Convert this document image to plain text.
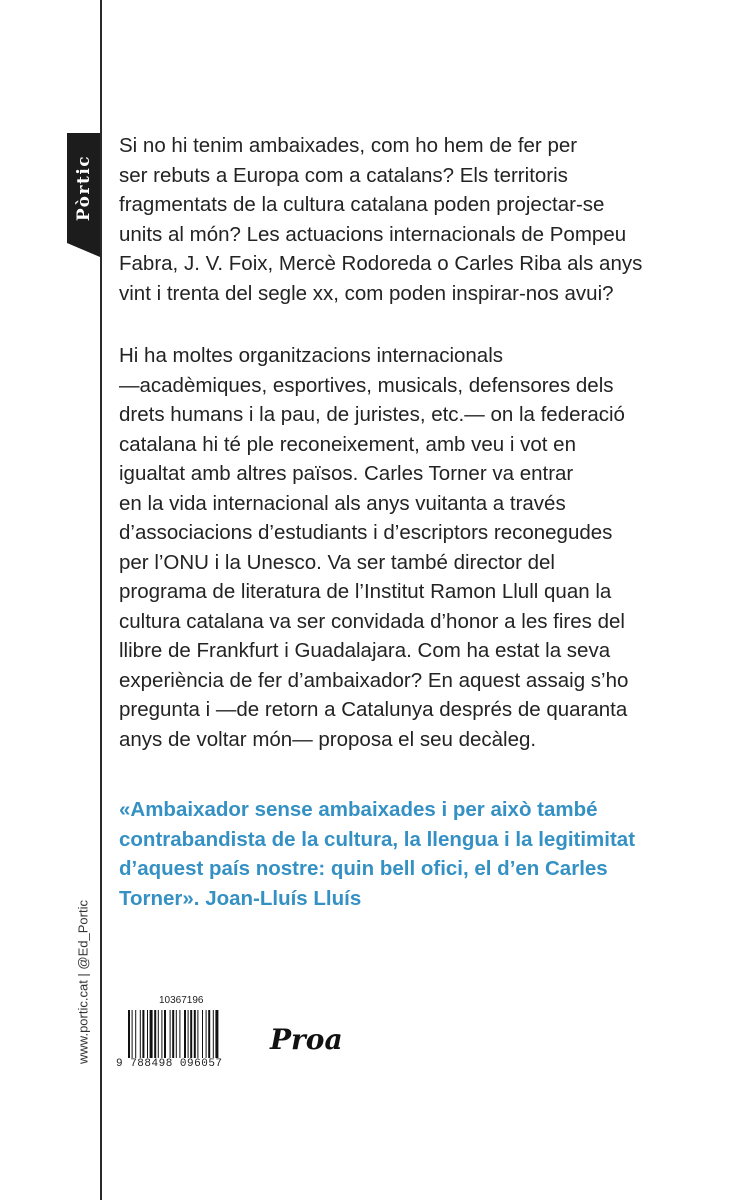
Pòrtic
www.portic.cat | @Ed_Portic
Si no hi tenim ambaixades, com ho hem de fer per
ser rebuts a Europa com a catalans? Els territoris
fragmentats de la cultura catalana poden projectar-se
units al món? Les actuacions internacionals de Pompeu
Fabra, J. V. Foix, Mercè Rodoreda o Carles Riba als anys
vint i trenta del segle xx, com poden inspirar-nos avui?
Hi ha moltes organitzacions internacionals
—acadèmiques, esportives, musicals, defensores dels
drets humans i la pau, de juristes, etc.— on la federació
catalana hi té ple reconeixement, amb veu i vot en
igualtat amb altres països. Carles Torner va entrar
en la vida internacional als anys vuitanta a través
d’associacions d’estudiants i d’escriptors reconegudes
per l’ONU i la Unesco. Va ser també director del
programa de literatura de l’Institut Ramon Llull quan la
cultura catalana va ser convidada d’honor a les fires del
llibre de Frankfurt i Guadalajara. Com ha estat la seva
experiència de fer d’ambaixador? En aquest assaig s’ho
pregunta i —de retorn a Catalunya després de quaranta
anys de voltar món— proposa el seu decàleg.
«Ambaixador sense ambaixades i per això també
contrabandista de la cultura, la llengua i la legitimitat
d’aquest país nostre: quin bell ofici, el d’en Carles
Torner». Joan-Lluís Lluís
10367196
9 788498 096057
Proa
